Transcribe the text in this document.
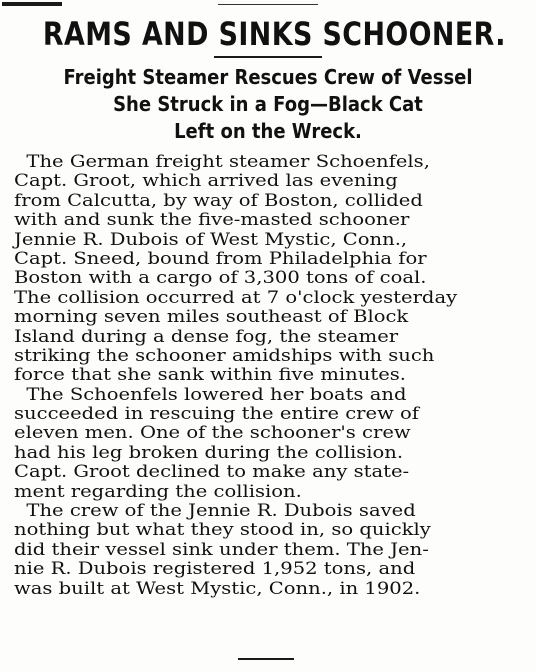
RAMS AND SINKS SCHOONER.
Freight Steamer Rescues Crew of Vessel
She Struck in a Fog—Black Cat
Left on the Wreck.
The German freight steamer Schoenfels,
Capt. Groot, which arrived las evening
from Calcutta, by way of Boston, collided
with and sunk the five-masted schooner
Jennie R. Dubois of West Mystic, Conn.,
Capt. Sneed, bound from Philadelphia for
Boston with a cargo of 3,300 tons of coal.
The collision occurred at 7 o'clock yesterday
morning seven miles southeast of Block
Island during a dense fog, the steamer
striking the schooner amidships with such
force that she sank within five minutes.
The Schoenfels lowered her boats and
succeeded in rescuing the entire crew of
eleven men. One of the schooner's crew
had his leg broken during the collision.
Capt. Groot declined to make any state-
ment regarding the collision.
The crew of the Jennie R. Dubois saved
nothing but what they stood in, so quickly
did their vessel sink under them. The Jen-
nie R. Dubois registered 1,952 tons, and
was built at West Mystic, Conn., in 1902.
